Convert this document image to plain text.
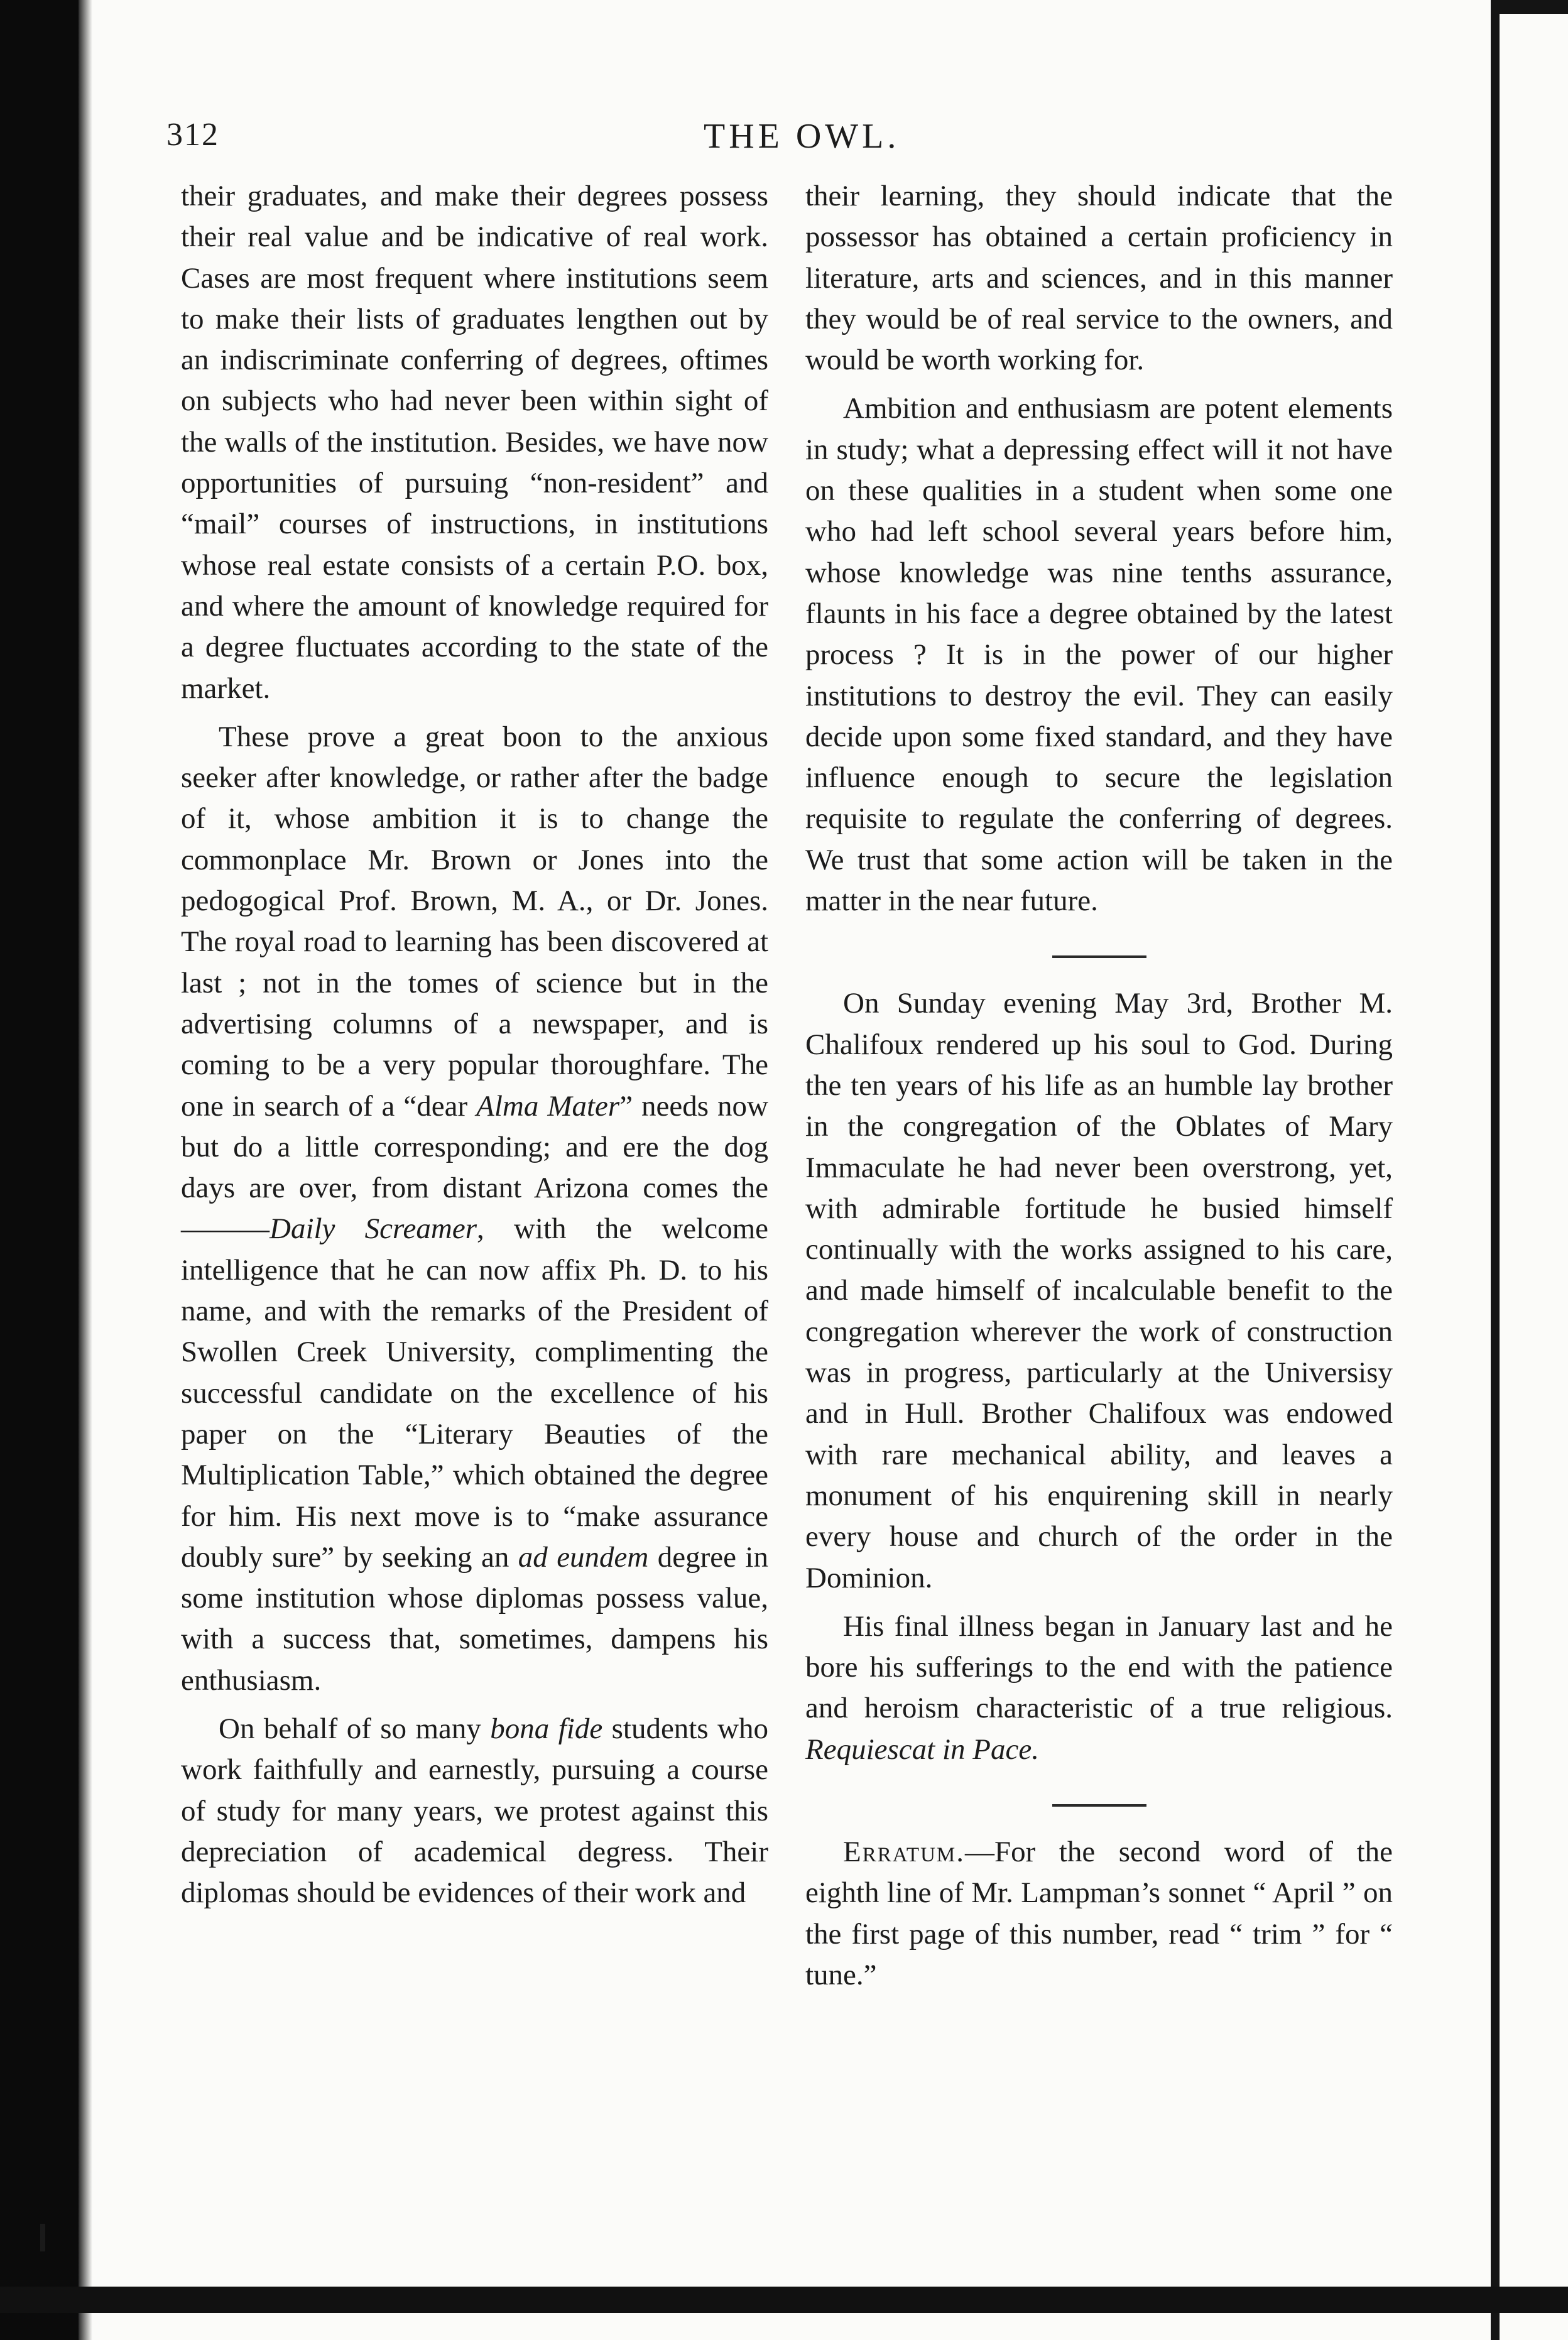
312	THE OWL.

their graduates, and make their degrees possess their real value and be indicative of real work. Cases are most frequent where institutions seem to make their lists of graduates lengthen out by an indiscriminate conferring of degrees, oftimes on subjects who had never been within sight of the walls of the institution. Besides, we have now opportunities of pursuing “non-resident” and “mail” courses of instructions, in institutions whose real estate consists of a certain P.O. box, and where the amount of knowledge required for a degree fluctuates according to the state of the market.

These prove a great boon to the anxious seeker after knowledge, or rather after the badge of it, whose ambition it is to change the commonplace Mr. Brown or Jones into the pedogogical Prof. Brown, M. A., or Dr. Jones. The royal road to learning has been discovered at last ; not in the tomes of science but in the advertising columns of a newspaper, and is coming to be a very popular thoroughfare. The one in search of a “dear Alma Mater” needs now but do a little corresponding; and ere the dog days are over, from distant Arizona comes the———Daily Screamer, with the welcome intelligence that he can now affix Ph. D. to his name, and with the remarks of the President of Swollen Creek University, complimenting the successful candidate on the excellence of his paper on the “Literary Beauties of the Multiplication Table,” which obtained the degree for him. His next move is to “make assurance doubly sure” by seeking an ad eundem degree in some institution whose diplomas possess value, with a success that, sometimes, dampens his enthusiasm.

On behalf of so many bona fide students who work faithfully and earnestly, pursuing a course of study for many years, we protest against this depreciation of academical degress. Their diplomas should be evidences of their work and

their learning, they should indicate that the possessor has obtained a certain proficiency in literature, arts and sciences, and in this manner they would be of real service to the owners, and would be worth working for.

Ambition and enthusiasm are potent elements in study; what a depressing effect will it not have on these qualities in a student when some one who had left school several years before him, whose knowledge was nine tenths assurance, flaunts in his face a degree obtained by the latest process ? It is in the power of our higher institutions to destroy the evil. They can easily decide upon some fixed standard, and they have influence enough to secure the legislation requisite to regulate the conferring of degrees. We trust that some action will be taken in the matter in the near future.

On Sunday evening May 3rd, Brother M. Chalifoux rendered up his soul to God. During the ten years of his life as an humble lay brother in the congregation of the Oblates of Mary Immaculate he had never been overstrong, yet, with admirable fortitude he busied himself continually with the works assigned to his care, and made himself of incalculable benefit to the congregation wherever the work of construction was in progress, particularly at the Universisy and in Hull. Brother Chalifoux was endowed with rare mechanical ability, and leaves a monument of his enquirening skill in nearly every house and church of the order in the Dominion.

His final illness began in January last and he bore his sufferings to the end with the patience and heroism characteristic of a true religious. Requiescat in Pace.

Erratum.—For the second word of the eighth line of Mr. Lampman’s sonnet “ April ” on the first page of this number, read “ trim ” for “ tune.”
